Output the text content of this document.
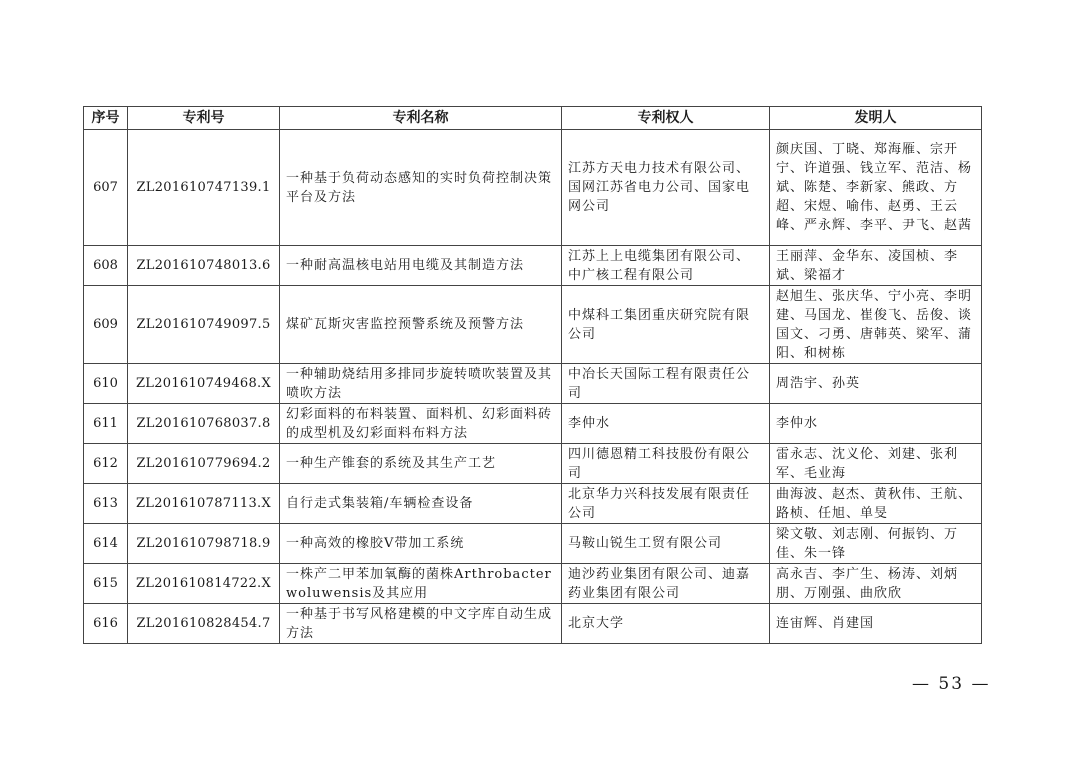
序号	专利号	专利名称	专利权人	发明人
607	ZL201610747139.1	一种基于负荷动态感知的实时负荷控制决策平台及方法	江苏方天电力技术有限公司、国网江苏省电力公司、国家电网公司	颜庆国、丁晓、郑海雁、宗开宁、许道强、钱立军、范洁、杨斌、陈楚、李新家、熊政、方超、宋煜、喻伟、赵勇、王云峰、严永辉、李平、尹飞、赵茜
608	ZL201610748013.6	一种耐高温核电站用电缆及其制造方法	江苏上上电缆集团有限公司、中广核工程有限公司	王丽萍、金华东、凌国桢、李斌、梁福才
609	ZL201610749097.5	煤矿瓦斯灾害监控预警系统及预警方法	中煤科工集团重庆研究院有限公司	赵旭生、张庆华、宁小亮、李明建、马国龙、崔俊飞、岳俊、谈国文、刁勇、唐韩英、梁军、蒲阳、和树栋
610	ZL201610749468.X	一种辅助烧结用多排同步旋转喷吹装置及其喷吹方法	中冶长天国际工程有限责任公司	周浩宇、孙英
611	ZL201610768037.8	幻彩面料的布料装置、面料机、幻彩面料砖的成型机及幻彩面料布料方法	李仲水	李仲水
612	ZL201610779694.2	一种生产锥套的系统及其生产工艺	四川德恩精工科技股份有限公司	雷永志、沈义伦、刘建、张利军、毛业海
613	ZL201610787113.X	自行走式集装箱/车辆检查设备	北京华力兴科技发展有限责任公司	曲海波、赵杰、黄秋伟、王航、路桢、任旭、单旻
614	ZL201610798718.9	一种高效的橡胶V带加工系统	马鞍山锐生工贸有限公司	梁文敬、刘志刚、何振钧、万佳、朱一锋
615	ZL201610814722.X	一株产二甲苯加氧酶的菌株Arthrobacter woluwensis及其应用	迪沙药业集团有限公司、迪嘉药业集团有限公司	高永吉、李广生、杨涛、刘炳朋、万刚强、曲欣欣
616	ZL201610828454.7	一种基于书写风格建模的中文字库自动生成方法	北京大学	连宙辉、肖建国
— 53 —
